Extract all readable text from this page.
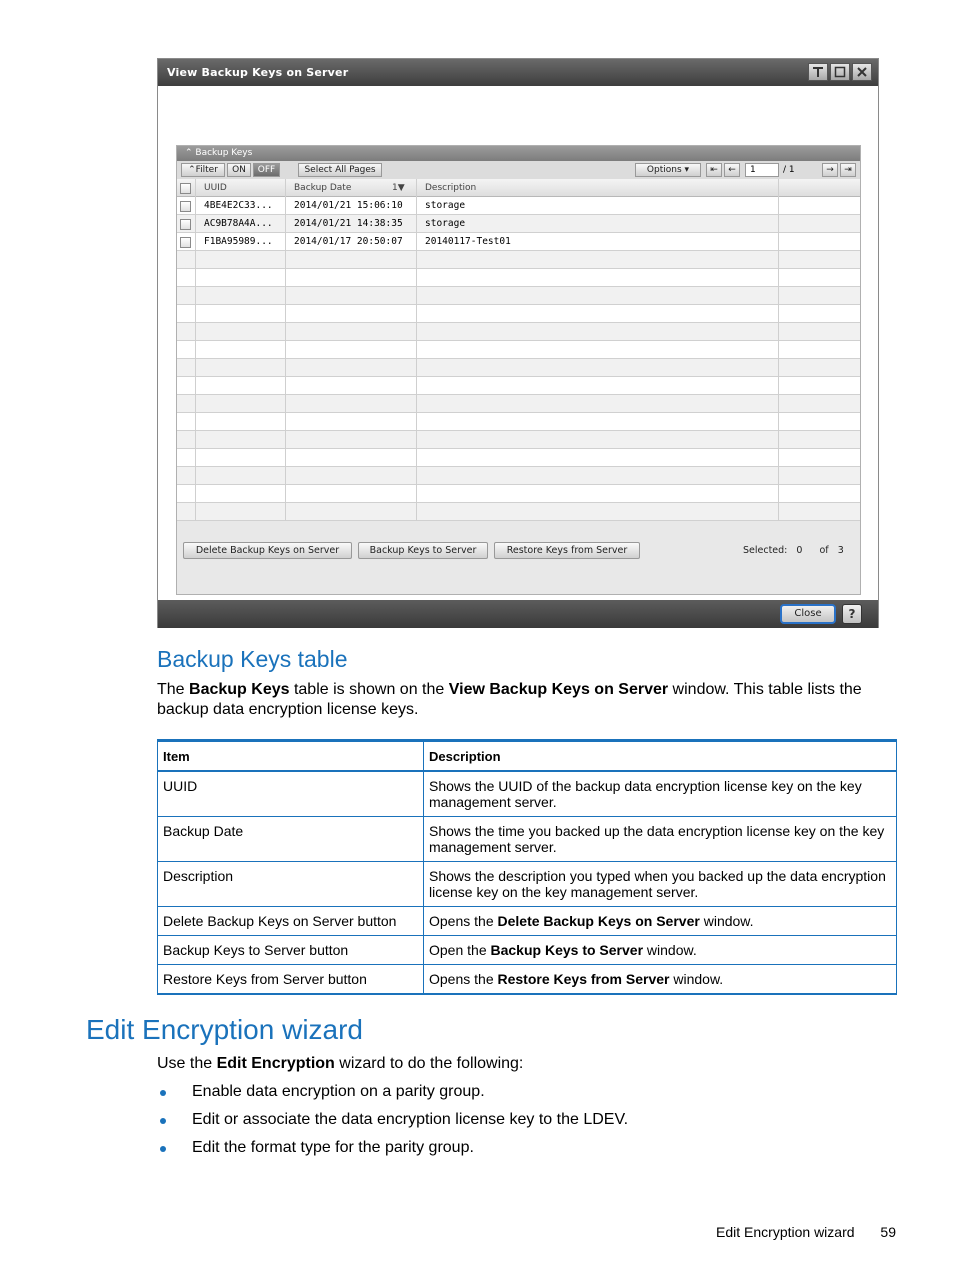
View Backup Keys on Server
⌃ Backup Keys
⌃Filter	ON	OFF	Select All Pages	Options ▾	⇤	←	1	/ 1	→	⇥
UUID	Backup Date	1▼	Description
4BE4E2C33...	2014/01/21 15:06:10	storage
AC9B78A4A...	2014/01/21 14:38:35	storage
F1BA95989...	2014/01/17 20:50:07	20140117-Test01
Delete Backup Keys on Server	Backup Keys to Server	Restore Keys from Server	Selected: 0 of 3
Close	?
Backup Keys table

The Backup Keys table is shown on the View Backup Keys on Server window. This table lists the backup data encryption license keys.

Item	Description
UUID	Shows the UUID of the backup data encryption license key on the key management server.
Backup Date	Shows the time you backed up the data encryption license key on the key management server.
Description	Shows the description you typed when you backed up the data encryption license key on the key management server.
Delete Backup Keys on Server button	Opens the Delete Backup Keys on Server window.
Backup Keys to Server button	Open the Backup Keys to Server window.
Restore Keys from Server button	Opens the Restore Keys from Server window.
Edit Encryption wizard

Use the Edit Encryption wizard to do the following:

Enable data encryption on a parity group.
Edit or associate the data encryption license key to the LDEV.
Edit the format type for the parity group.
Edit Encryption wizard 59
